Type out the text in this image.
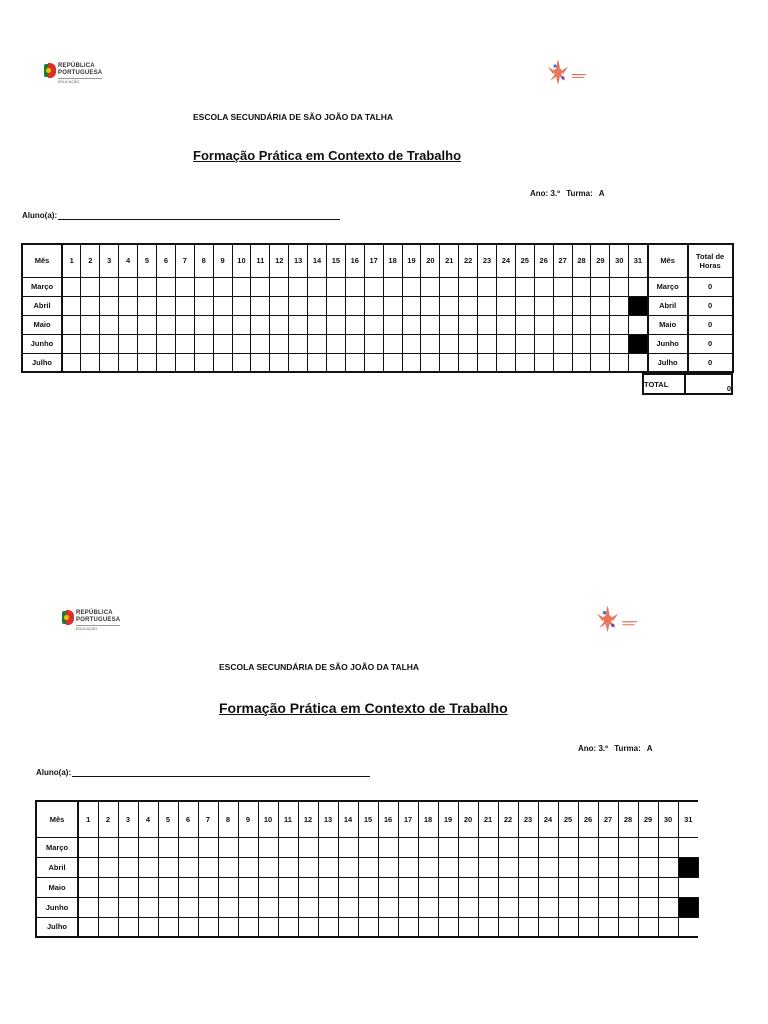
REPÚBLICA
PORTUGUESA
EDUCAÇÃO
ESCOLA SECUNDÁRIA DE SÃO JOÃO DA TALHA
Formação Prática em Contexto de Trabalho
Ano: 3.º Turma: A
Aluno(a):
Mês	1	2	3	4	5	6	7	8	9	10	11	12	13	14	15	16	17	18	19	20	21	22	23	24	25	26	27	28	29	30	31	Mês	Total de Horas
Março																																Março	0
Abril																																Abril	0
Maio																																Maio	0
Junho																																Junho	0
Julho																																Julho	0
TOTAL	0
REPÚBLICA
PORTUGUESA
EDUCAÇÃO
ESCOLA SECUNDÁRIA DE SÃO JOÃO DA TALHA
Formação Prática em Contexto de Trabalho
Ano: 3.º Turma: A
Aluno(a):
Mês	1	2	3	4	5	6	7	8	9	10	11	12	13	14	15	16	17	18	19	20	21	22	23	24	25	26	27	28	29	30	31
Março																															
Abril																															
Maio																															
Junho																															
Julho																															
